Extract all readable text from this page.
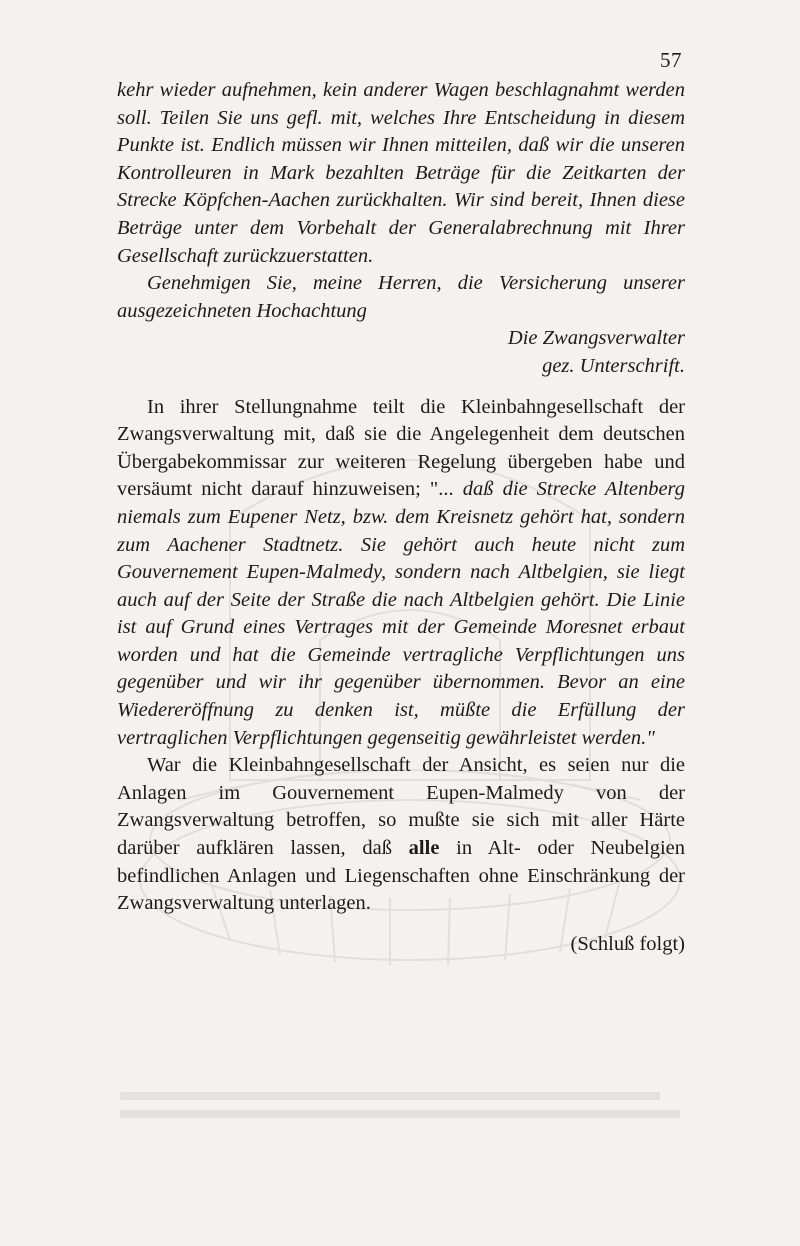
57

kehr wieder aufnehmen, kein anderer Wagen beschlagnahmt werden soll. Teilen Sie uns gefl. mit, welches Ihre Entscheidung in diesem Punkte ist. Endlich müssen wir Ihnen mitteilen, daß wir die unseren Kontrolleuren in Mark bezahlten Beträge für die Zeitkarten der Strecke Köpfchen-Aachen zurückhalten. Wir sind bereit, Ihnen diese Beträge unter dem Vorbehalt der Generalabrechnung mit Ihrer Gesellschaft zurückzuerstatten.

Genehmigen Sie, meine Herren, die Versicherung unserer ausgezeichneten Hochachtung

Die Zwangsverwalter

gez. Unterschrift.

In ihrer Stellungnahme teilt die Kleinbahngesellschaft der Zwangsverwaltung mit, daß sie die Angelegenheit dem deutschen Übergabekommissar zur weiteren Regelung übergeben habe und versäumt nicht darauf hinzuweisen; "... daß die Strecke Altenberg niemals zum Eupener Netz, bzw. dem Kreisnetz gehört hat, sondern zum Aachener Stadtnetz. Sie gehört auch heute nicht zum Gouvernement Eupen-Malmedy, sondern nach Altbelgien, sie liegt auch auf der Seite der Straße die nach Altbelgien gehört. Die Linie ist auf Grund eines Vertrages mit der Gemeinde Moresnet erbaut worden und hat die Gemeinde vertragliche Verpflichtungen uns gegenüber und wir ihr gegenüber übernommen. Bevor an eine Wiedereröffnung zu denken ist, müßte die Erfüllung der vertraglichen Verpflichtungen gegenseitig gewährleistet werden."

War die Kleinbahngesellschaft der Ansicht, es seien nur die Anlagen im Gouvernement Eupen-Malmedy von der Zwangsverwaltung betroffen, so mußte sie sich mit aller Härte darüber aufklären lassen, daß alle in Alt- oder Neubelgien befindlichen Anlagen und Liegenschaften ohne Einschränkung der Zwangsverwaltung unterlagen.

(Schluß folgt)
